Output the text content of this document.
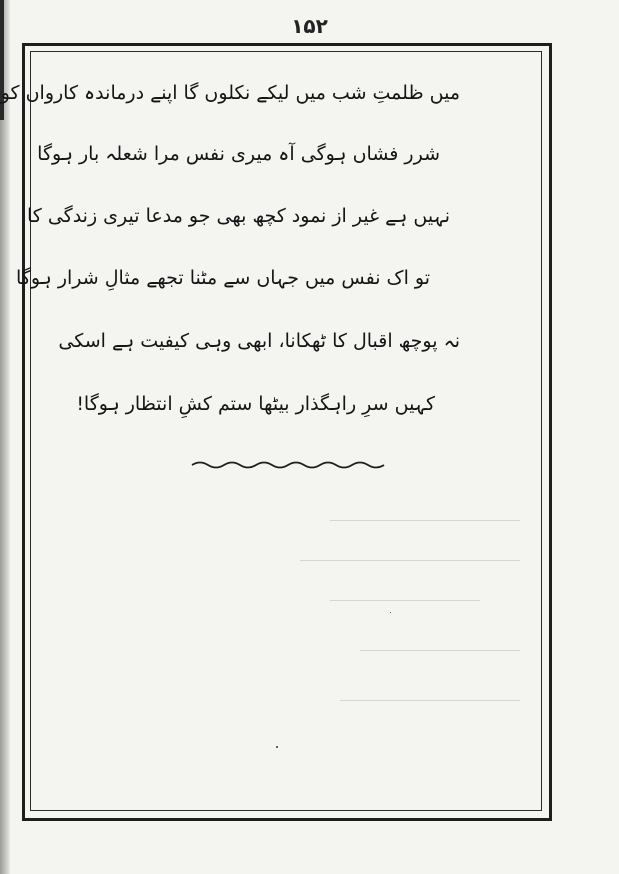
۱۵۲
میں ظلمتِ شب میں لیکے نکلوں گا اپنے درماندہ کارواں کو
شرر فشاں ہوگی آہ میری نفس مرا شعلہ بار ہوگا
نہیں ہے غیر از نمود کچھ بھی جو مدعا تیری زندگی کا
تو اک نفس میں جہاں سے مٹنا تجھے مثالِ شرار ہوگا
نہ پوچھ اقبال کا ٹھکانا، ابھی وہی کیفیت ہے اسکی
کہیں سرِ راہگذار بیٹھا ستم کشِ انتظار ہوگا!
